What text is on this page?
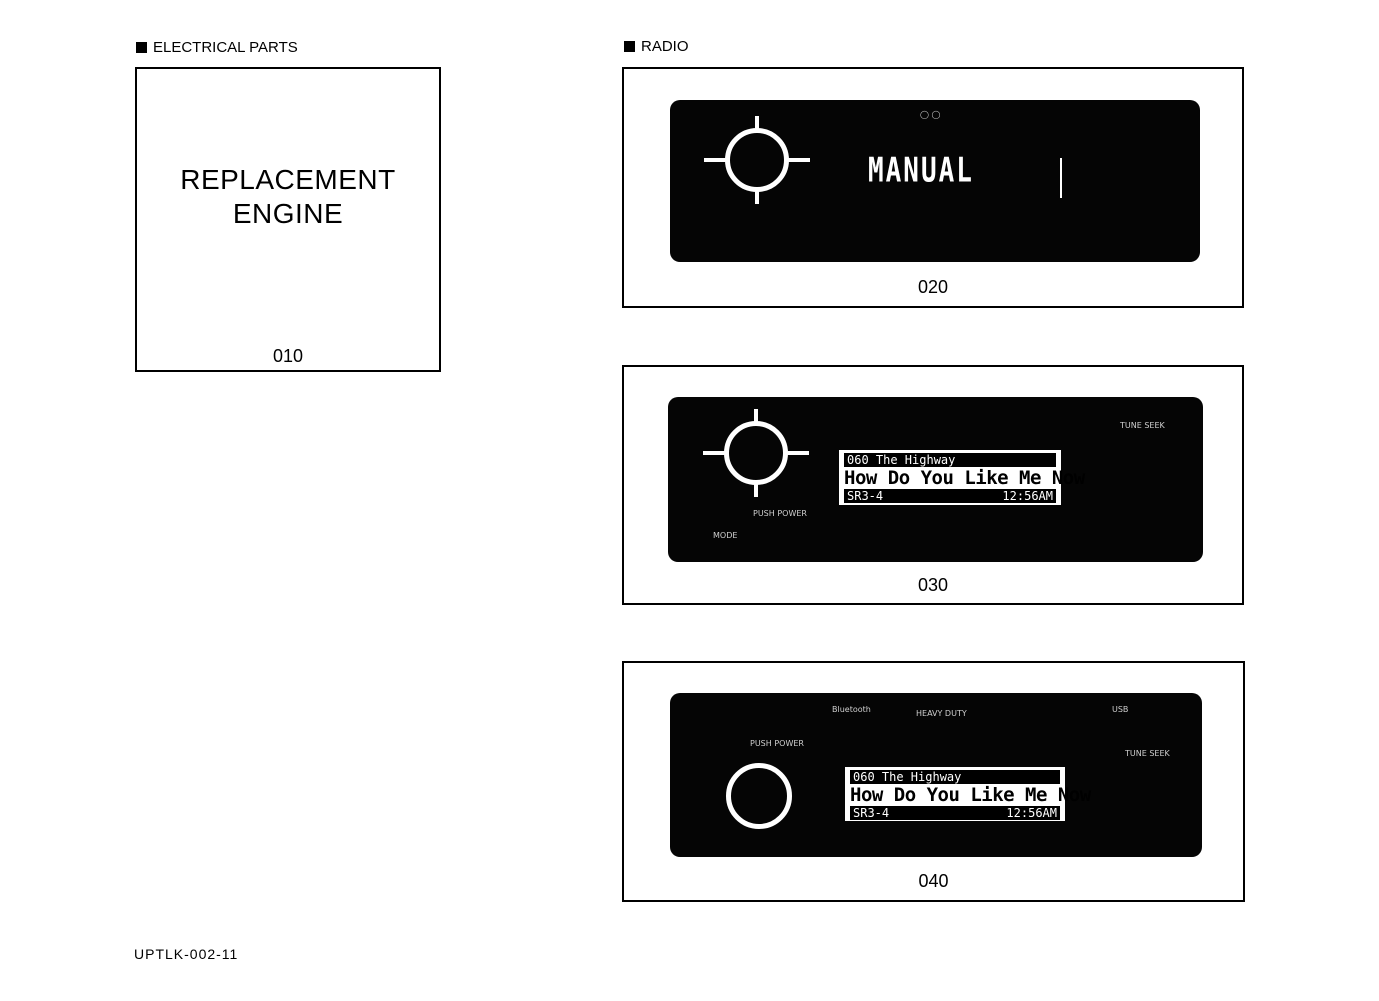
ELECTRICAL PARTS
REPLACEMENT
ENGINE
010
RADIO
MANUAL
◯ ◯
020
060 The Highway
How Do You Like Me Now
SR3-4	12:56AM
TUNE SEEK
MODE
PUSH POWER
030
060 The Highway
How Do You Like Me Now
SR3-4	12:56AM
Bluetooth	HEAVY DUTY	USB
TUNE SEEK
PUSH POWER
040
UPTLK-002-11
